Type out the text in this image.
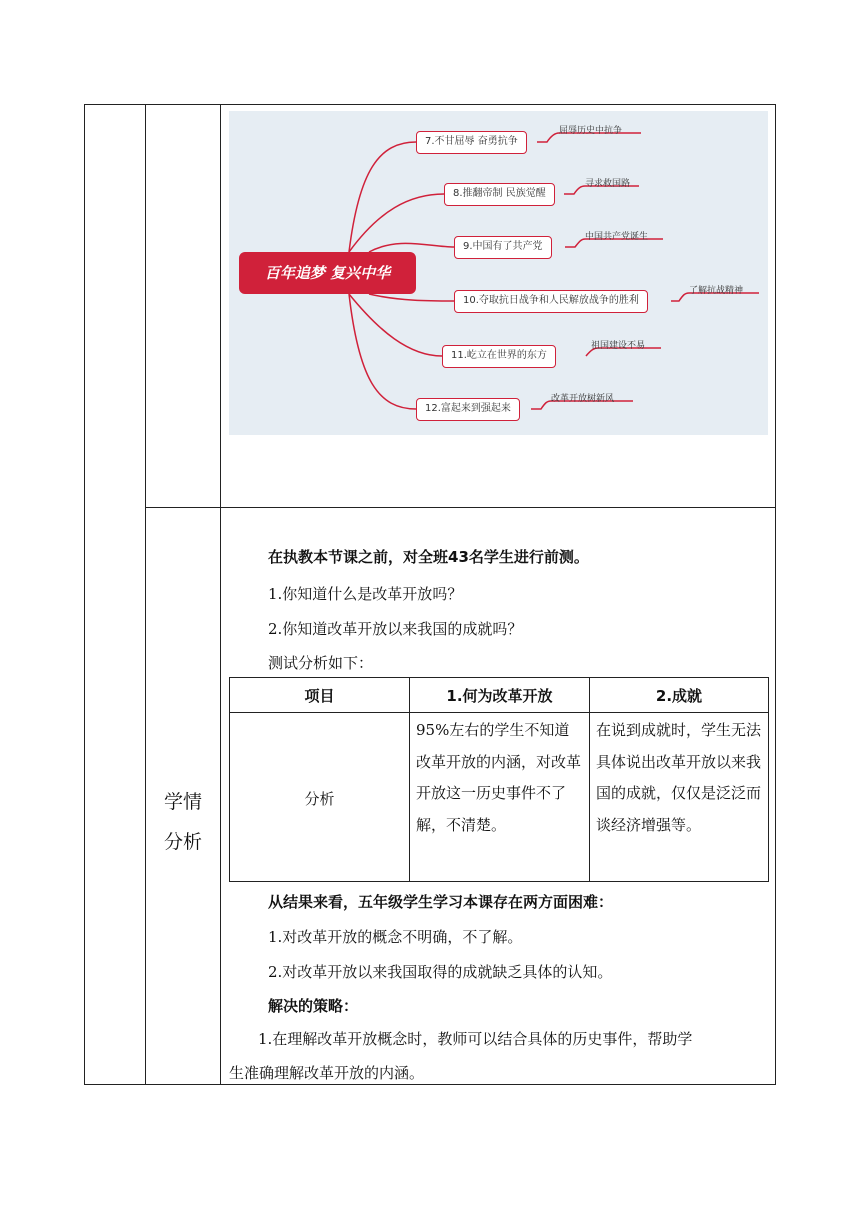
百年追梦 复兴中华
7.不甘屈辱 奋勇抗争
屈辱历史中抗争
8.推翻帝制 民族觉醒
寻求救国路
9.中国有了共产党
中国共产党诞生
10.夺取抗日战争和人民解放战争的胜利
了解抗战精神
11.屹立在世界的东方
祖国建设不易
12.富起来到强起来
改革开放树新风
学情分析
在执教本节课之前，对全班43名学生进行前测。
1.你知道什么是改革开放吗？
2.你知道改革开放以来我国的成就吗？
测试分析如下：
项目	1.何为改革开放	2.成就
分析
95%左右的学生不知道改革开放的内涵，对改革开放这一历史事件不了解，不清楚。
在说到成就时，学生无法具体说出改革开放以来我国的成就，仅仅是泛泛而谈经济增强等。
从结果来看，五年级学生学习本课存在两方面困难：
1.对改革开放的概念不明确，不了解。
2.对改革开放以来我国取得的成就缺乏具体的认知。
解决的策略：
1.在理解改革开放概念时，教师可以结合具体的历史事件，帮助学
生准确理解改革开放的内涵。
